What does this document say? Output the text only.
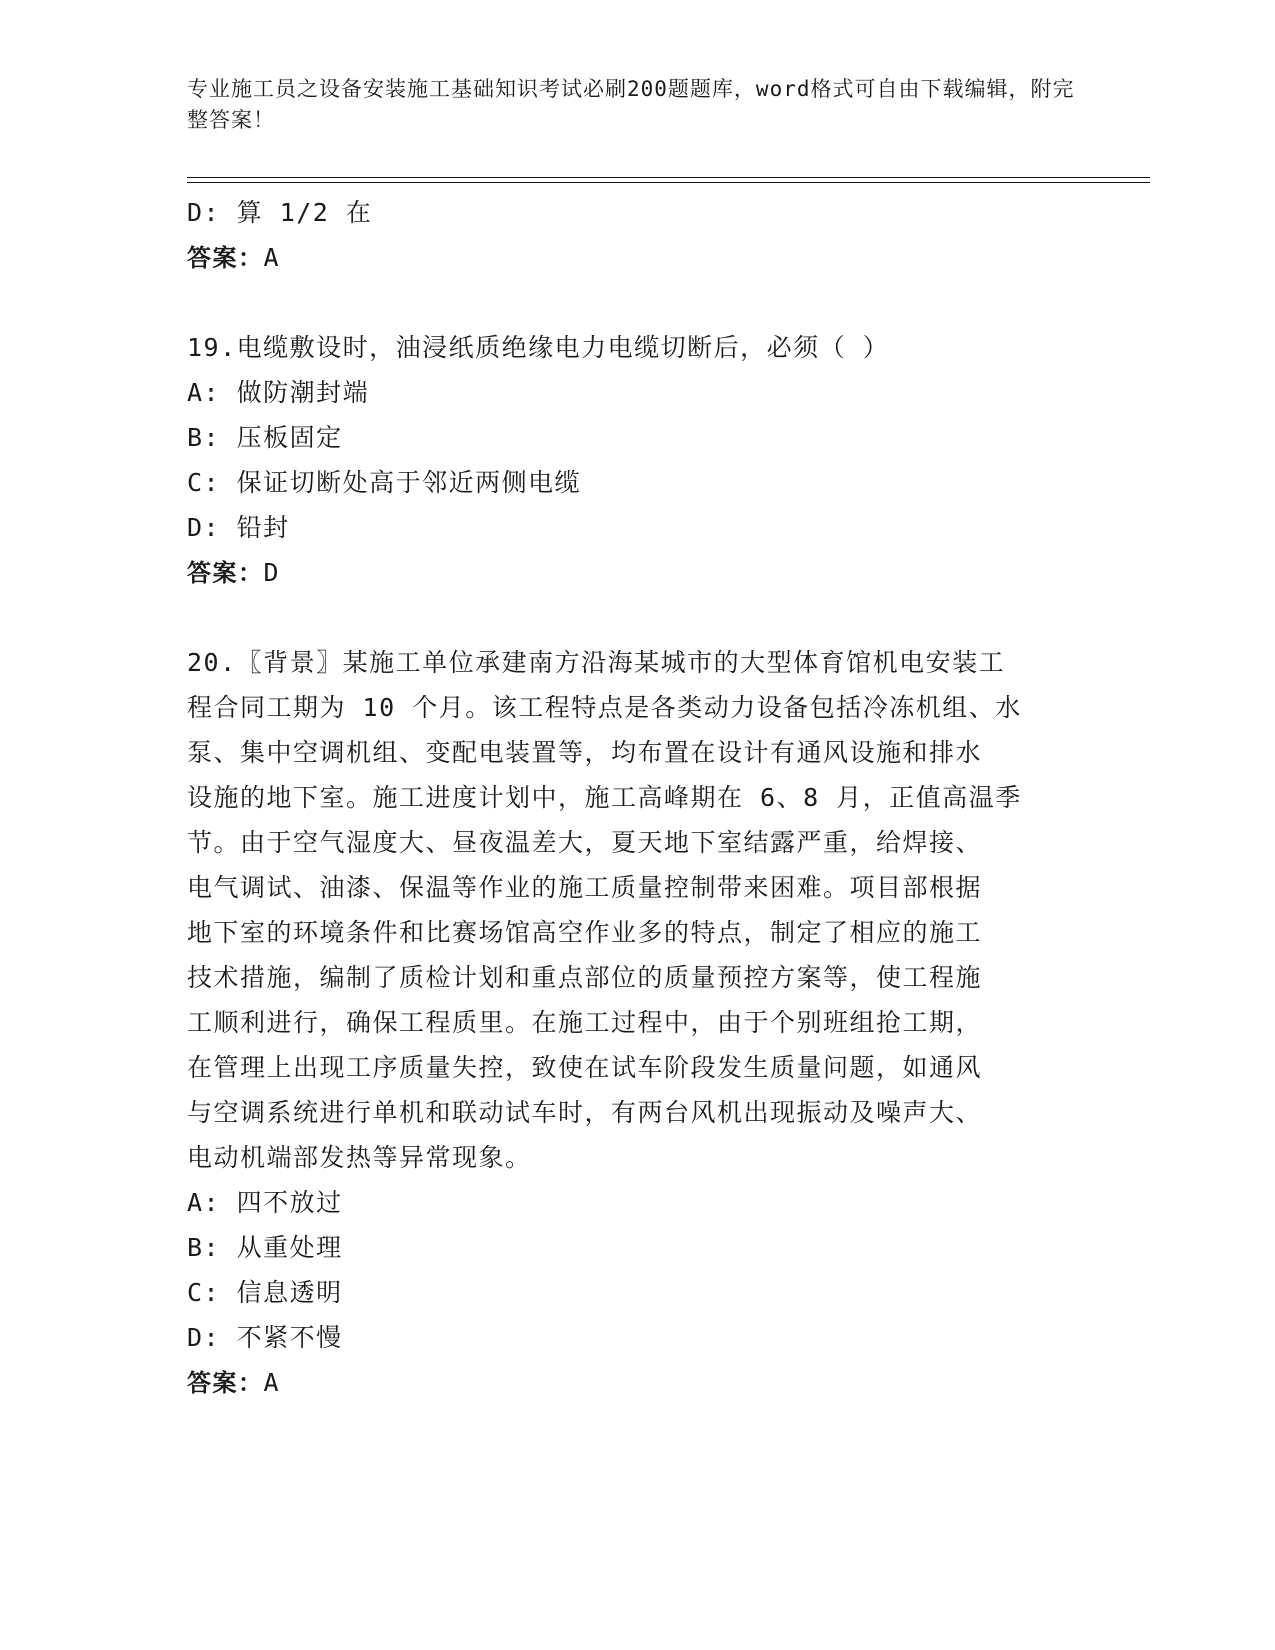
专业施工员之设备安装施工基础知识考试必刷200题题库，word格式可自由下载编辑，附完整答案！
D: 算 1/2 在
答案：A
19.电缆敷设时，油浸纸质绝缘电力电缆切断后，必须（ ）
A: 做防潮封端
B: 压板固定
C: 保证切断处高于邻近两侧电缆
D: 铅封
答案：D
20.〖背景〗某施工单位承建南方沿海某城市的大型体育馆机电安装工
程合同工期为 10 个月。该工程特点是各类动力设备包括冷冻机组、水
泵、集中空调机组、变配电装置等，均布置在设计有通风设施和排水
设施的地下室。施工进度计划中，施工高峰期在 6、8 月，正值高温季
节。由于空气湿度大、昼夜温差大，夏天地下室结露严重，给焊接、
电气调试、油漆、保温等作业的施工质量控制带来困难。项目部根据
地下室的环境条件和比赛场馆高空作业多的特点，制定了相应的施工
技术措施，编制了质检计划和重点部位的质量预控方案等，使工程施
工顺利进行，确保工程质里。在施工过程中，由于个别班组抢工期，
在管理上出现工序质量失控，致使在试车阶段发生质量问题，如通风
与空调系统进行单机和联动试车时，有两台风机出现振动及噪声大、
电动机端部发热等异常现象。
A: 四不放过
B: 从重处理
C: 信息透明
D: 不紧不慢
答案：A
